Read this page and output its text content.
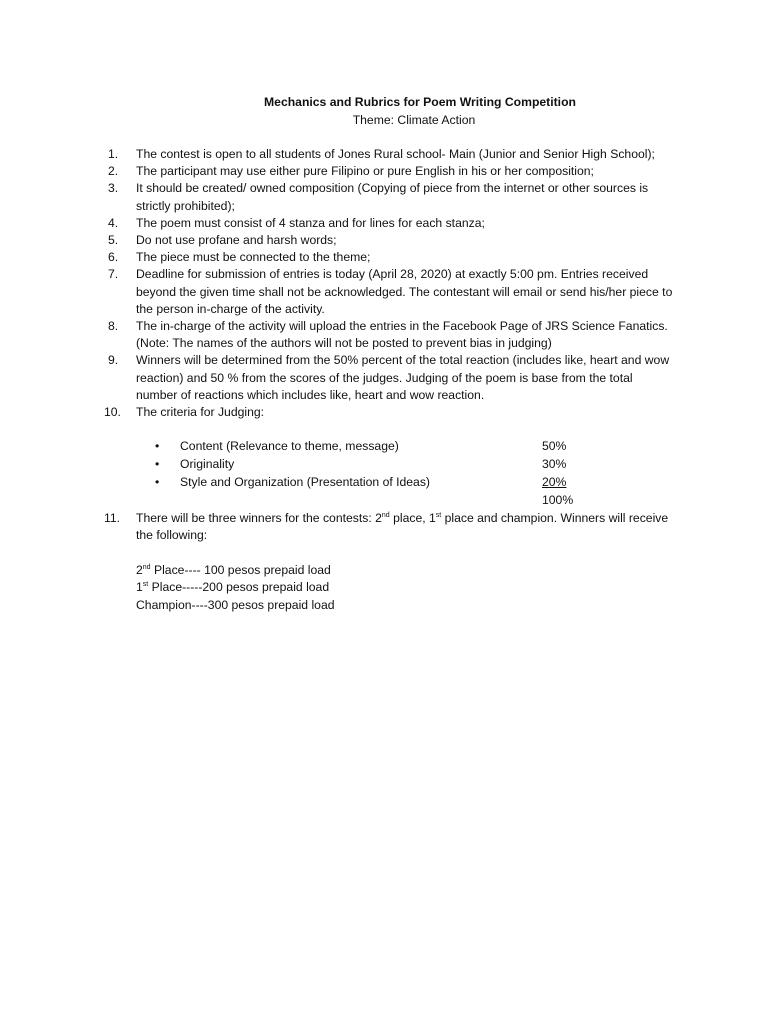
Mechanics and Rubrics for Poem Writing Competition
Theme: Climate Action
1.	The contest is open to all students of Jones Rural school- Main (Junior and Senior High School);
2.	The participant may use either pure Filipino or pure English in his or her composition;
3.	It should be created/ owned composition (Copying of piece from the internet or other sources is strictly prohibited);
4.	The poem must consist of 4 stanza and for lines for each stanza;
5.	Do not use profane and harsh words;
6.	The piece must be connected to the theme;
7.	Deadline for submission of entries is today (April 28, 2020) at exactly 5:00 pm. Entries received beyond the given time shall not be acknowledged. The contestant will email or send his/her piece to the person in-charge of the activity.
8.	The in-charge of the activity will upload the entries in the Facebook Page of JRS Science Fanatics. (Note: The names of the authors will not be posted to prevent bias in judging)
9.	Winners will be determined from the 50% percent of the total reaction (includes like, heart and wow reaction) and 50 % from the scores of the judges. Judging of the poem is base from the total number of reactions which includes like, heart and wow reaction.
10. The criteria for Judging:
• Content (Relevance to theme, message)	50%
• Originality	30%
• Style and Organization (Presentation of Ideas)	20%
100%
11.	There will be three winners for the contests: 2nd place, 1st place and champion. Winners will receive the following:
2nd Place---- 100 pesos prepaid load
1st Place-----200 pesos prepaid load
Champion----300 pesos prepaid load
